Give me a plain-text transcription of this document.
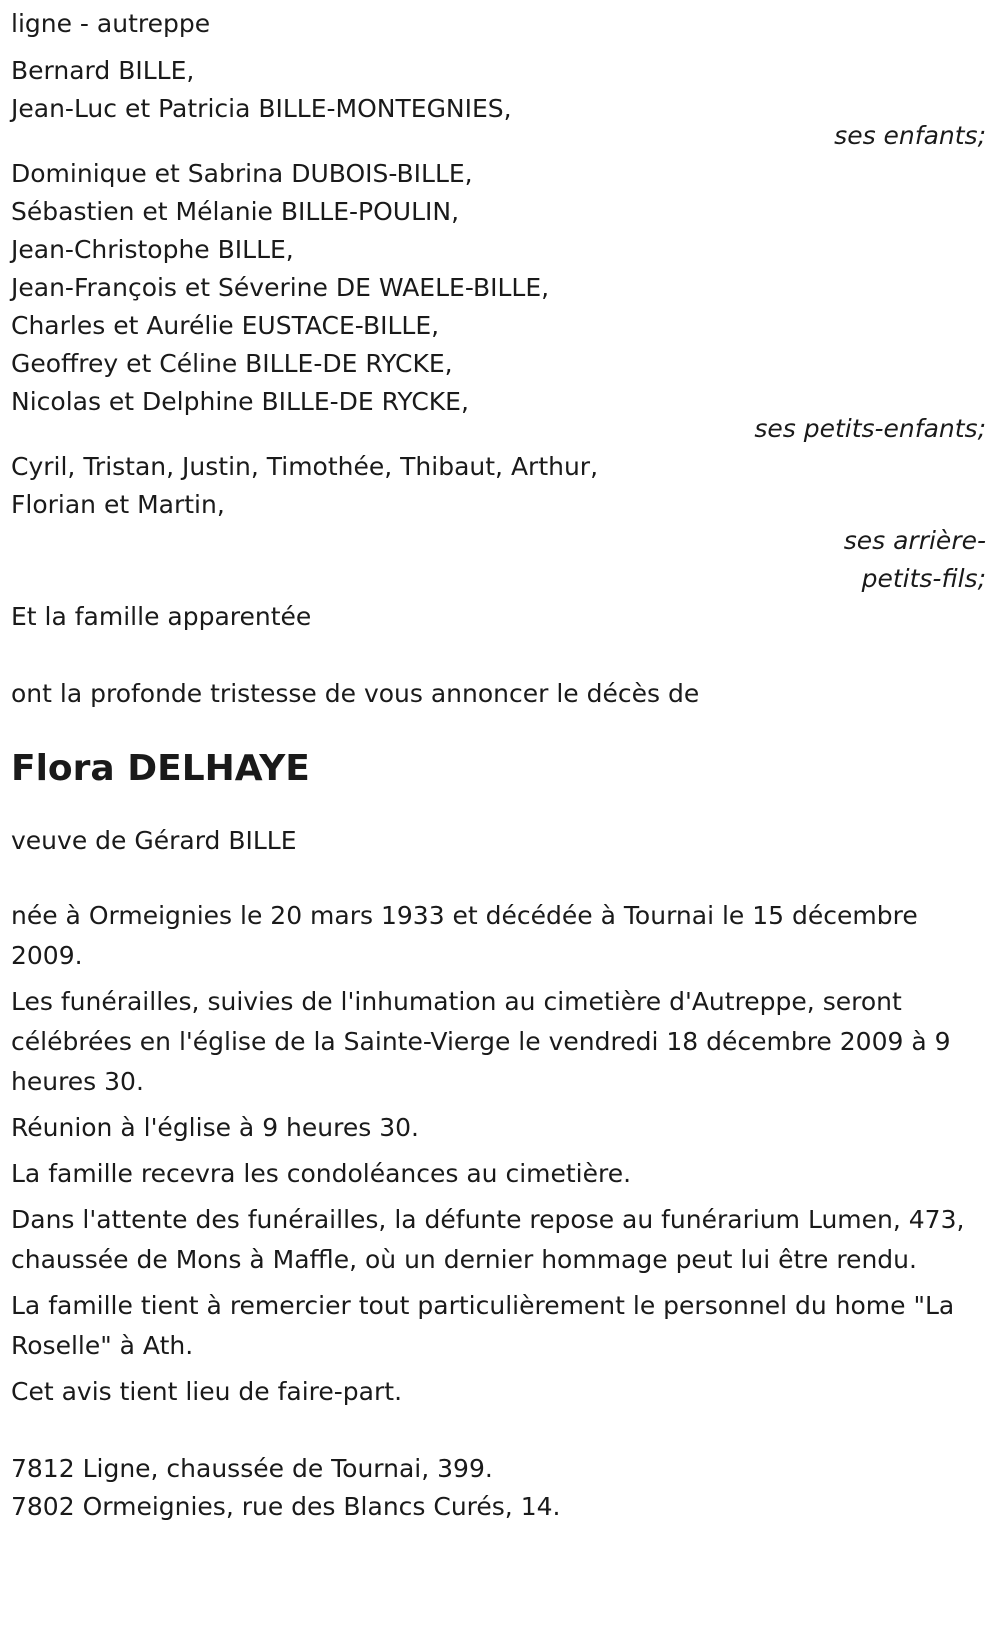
ligne - autreppe
Bernard BILLE,
Jean-Luc et Patricia BILLE-MONTEGNIES,
ses enfants;
Dominique et Sabrina DUBOIS-BILLE,
Sébastien et Mélanie BILLE-POULIN,
Jean-Christophe BILLE,
Jean-François et Séverine DE WAELE-BILLE,
Charles et Aurélie EUSTACE-BILLE,
Geoffrey et Céline BILLE-DE RYCKE,
Nicolas et Delphine BILLE-DE RYCKE,
ses petits-enfants;
Cyril, Tristan, Justin, Timothée, Thibaut, Arthur,
Florian et Martin,
ses arrière-
petits-fils;
Et la famille apparentée
ont la profonde tristesse de vous annoncer le décès de
Flora DELHAYE
veuve de Gérard BILLE
née à Ormeignies le 20 mars 1933 et décédée à Tournai le 15 décembre 2009.
Les funérailles, suivies de l'inhumation au cimetière d'Autreppe, seront célébrées en l'église de la Sainte-Vierge le vendredi 18 décembre 2009 à 9 heures 30.
Réunion à l'église à 9 heures 30.
La famille recevra les condoléances au cimetière.
Dans l'attente des funérailles, la défunte repose au funérarium Lumen, 473, chaussée de Mons à Maffle, où un dernier hommage peut lui être rendu.
La famille tient à remercier tout particulièrement le personnel du home "La Roselle" à Ath.
Cet avis tient lieu de faire-part.
7812 Ligne, chaussée de Tournai, 399.
7802 Ormeignies, rue des Blancs Curés, 14.
